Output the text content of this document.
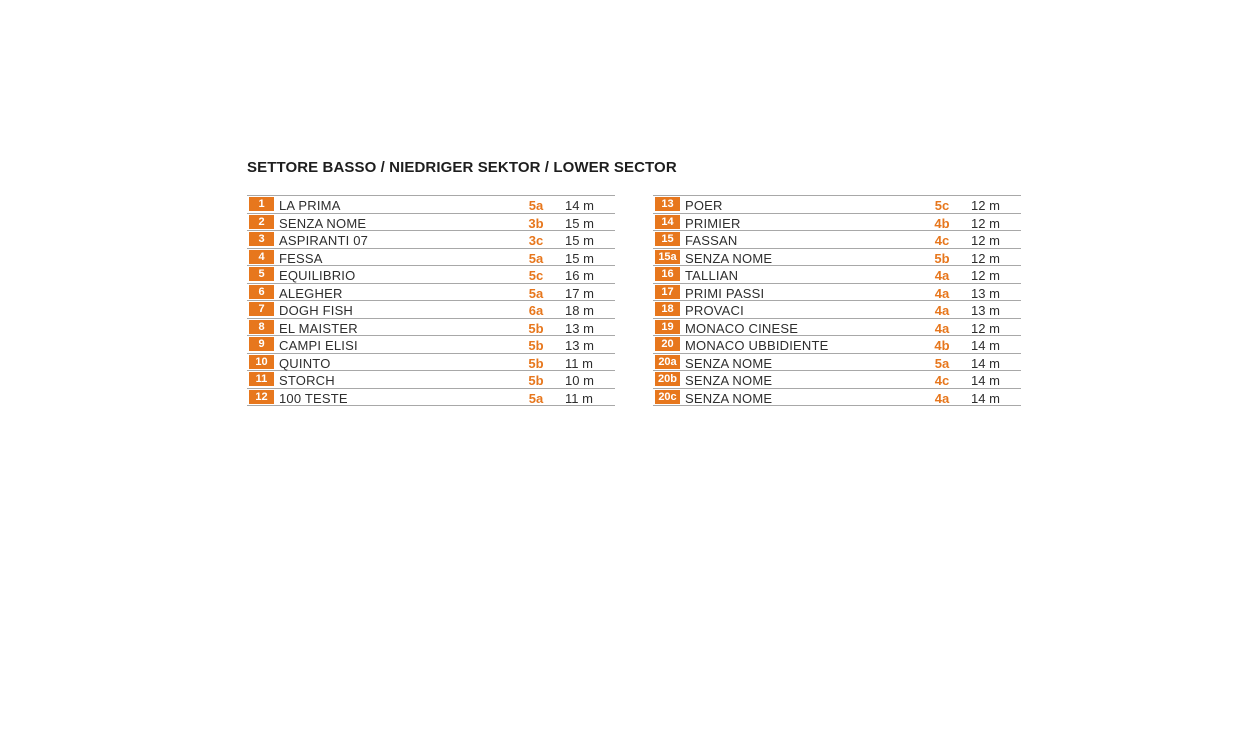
SETTORE BASSO / NIEDRIGER SEKTOR / LOWER SECTOR
1	LA PRIMA	5a	14 m
2	SENZA NOME	3b	15 m
3	ASPIRANTI 07	3c	15 m
4	FESSA	5a	15 m
5	EQUILIBRIO	5c	16 m
6	ALEGHER	5a	17 m
7	DOGH FISH	6a	18 m
8	EL MAISTER	5b	13 m
9	CAMPI ELISI	5b	13 m
10 QUINTO	5b	11 m
11 STORCH	5b	10 m
12 100 TESTE	5a	11 m
13 POER	5c	12 m
14 PRIMIER	4b	12 m
15 FASSAN	4c	12 m
15a SENZA NOME	5b	12 m
16 TALLIAN	4a	12 m
17 PRIMI PASSI	4a	13 m
18 PROVACI	4a	13 m
19 MONACO CINESE	4a	12 m
20 MONACO UBBIDIENTE	4b	14 m
20a SENZA NOME	5a	14 m
20b SENZA NOME	4c	14 m
20c SENZA NOME	4a	14 m
